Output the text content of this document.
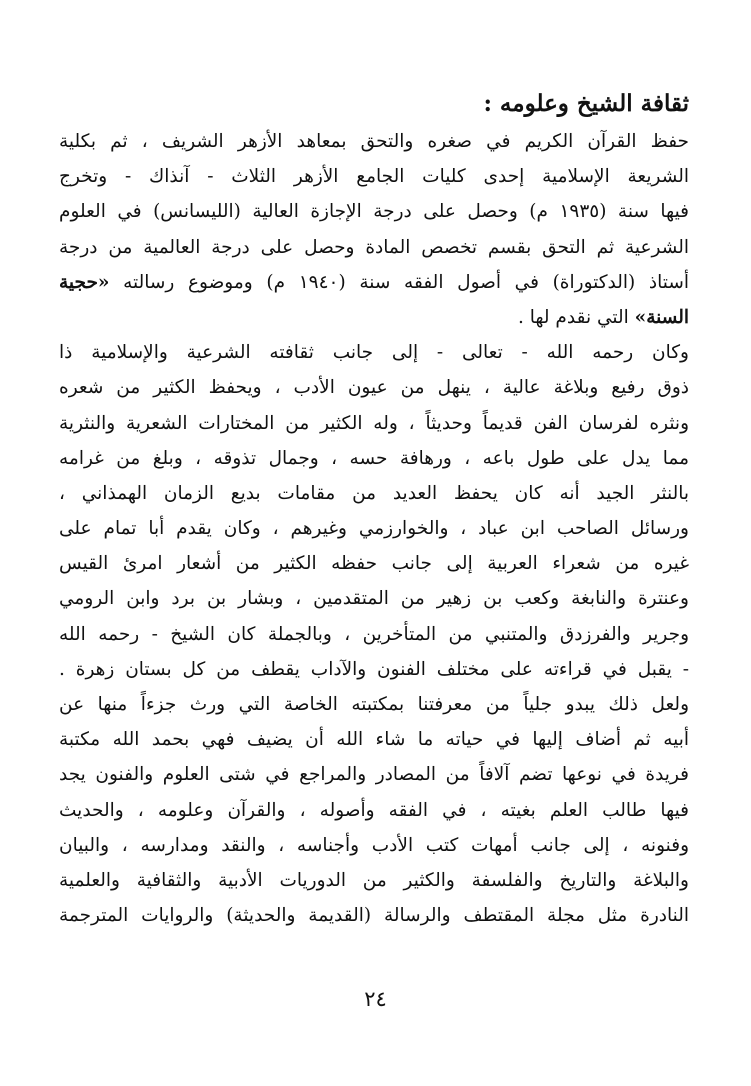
ثقافة الشيخ وعلومه :
حفظ القرآن الكريم في صغره والتحق بمعاهد الأزهر الشريف ، ثم بكلية
الشريعة الإسلامية إحدى كليات الجامع الأزهر الثلاث - آنذاك - وتخرج
فيها سنة (١٩٣٥ م) وحصل على درجة الإجازة العالية (الليسانس) في العلوم
الشرعية ثم التحق بقسم تخصص المادة وحصل على درجة العالمية من درجة
أستاذ (الدكتوراة) في أصول الفقه سنة (١٩٤٠ م) وموضوع رسالته «حجية
السنة» التي نقدم لها .
وكان رحمه الله - تعالى - إلى جانب ثقافته الشرعية والإسلامية ذا
ذوق رفيع وبلاغة عالية ، ينهل من عيون الأدب ، ويحفظ الكثير من شعره
ونثره لفرسان الفن قديماً وحديثاً ، وله الكثير من المختارات الشعرية والنثرية
مما يدل على طول باعه ، ورهافة حسه ، وجمال تذوقه ، وبلغ من غرامه
بالنثر الجيد أنه كان يحفظ العديد من مقامات بديع الزمان الهمذاني ،
ورسائل الصاحب ابن عباد ، والخوارزمي وغيرهم ، وكان يقدم أبا تمام على
غيره من شعراء العربية إلى جانب حفظه الكثير من أشعار امرئ القيس
وعنترة والنابغة وكعب بن زهير من المتقدمين ، وبشار بن برد وابن الرومي
وجرير والفرزدق والمتنبي من المتأخرين ، وبالجملة كان الشيخ - رحمه الله
- يقبل في قراءته على مختلف الفنون والآداب يقطف من كل بستان زهرة .
ولعل ذلك يبدو جلياً من معرفتنا بمكتبته الخاصة التي ورث جزءاً منها عن
أبيه ثم أضاف إليها في حياته ما شاء الله أن يضيف فهي بحمد الله مكتبة
فريدة في نوعها تضم آلافاً من المصادر والمراجع في شتى العلوم والفنون يجد
فيها طالب العلم بغيته ، في الفقه وأصوله ، والقرآن وعلومه ، والحديث
وفنونه ، إلى جانب أمهات كتب الأدب وأجناسه ، والنقد ومدارسه ، والبيان
والبلاغة والتاريخ والفلسفة والكثير من الدوريات الأدبية والثقافية والعلمية
النادرة مثل مجلة المقتطف والرسالة (القديمة والحديثة) والروايات المترجمة
٢٤
